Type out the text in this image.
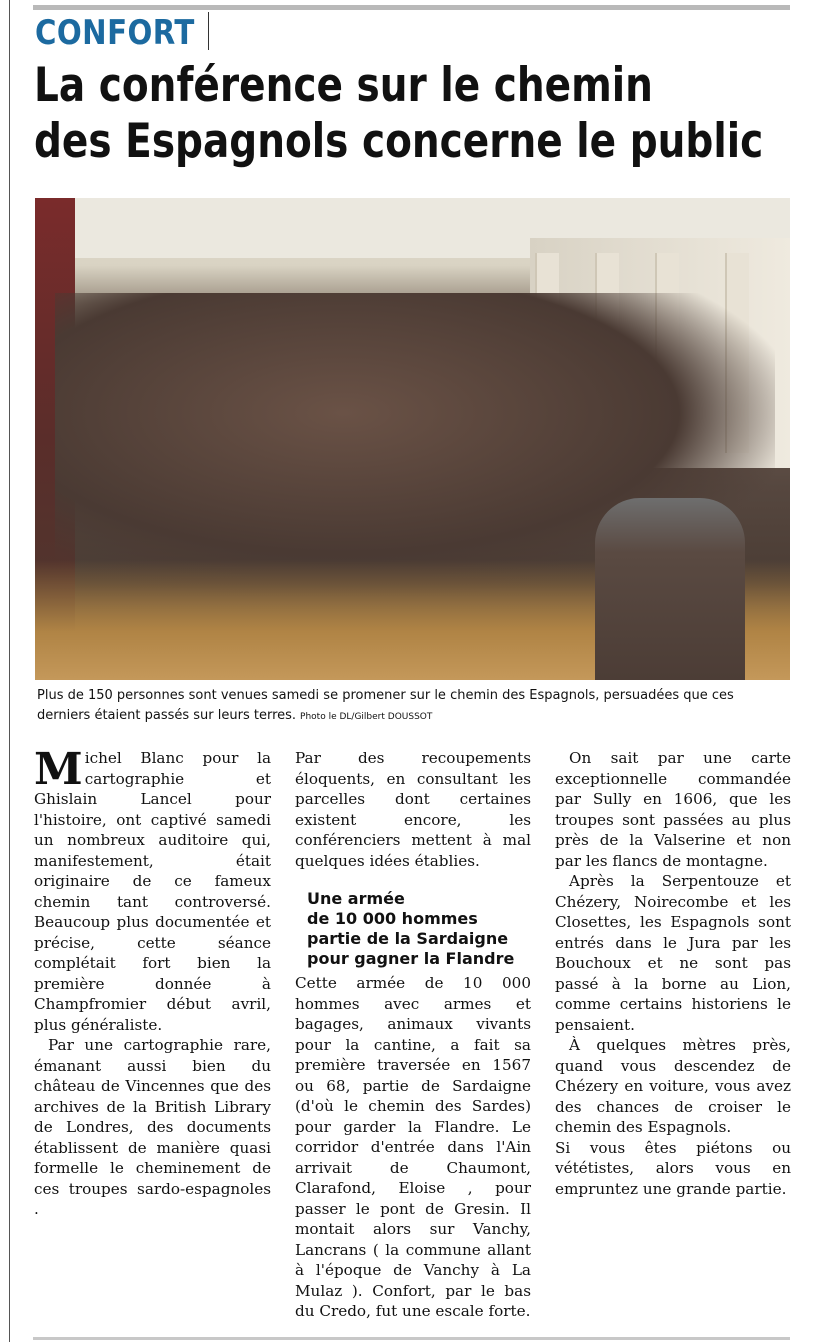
CONFORT
La conférence sur le chemin
des Espagnols concerne le public
Plus de 150 personnes sont venues samedi se promener sur le chemin des Espagnols, persuadées que ces
derniers étaient passés sur leurs terres. Photo le DL/Gilbert DOUSSOT

Michel Blanc pour la cartographie et Ghislain Lancel pour l'histoire, ont captivé samedi un nombreux auditoire qui, manifestement, était originaire de ce fameux chemin tant controversé. Beaucoup plus documentée et précise, cette séance complétait fort bien la première donnée à Champfromier début avril, plus généraliste.

Par une cartographie rare, émanant aussi bien du château de Vincennes que des archives de la British Library de Londres, des documents établissent de manière quasi formelle le cheminement de ces troupes sardo-espagnoles .

Par des recoupements éloquents, en consultant les parcelles dont certaines existent encore, les conférenciers mettent à mal quelques idées établies.

Une armée
de 10 000 hommes
partie de la Sardaigne
pour gagner la Flandre

Cette armée de 10 000 hommes avec armes et bagages, animaux vivants pour la cantine, a fait sa première traversée en 1567 ou 68, partie de Sardaigne (d'où le chemin des Sardes) pour garder la Flandre. Le corridor d'entrée dans l'Ain arrivait de Chaumont, Clarafond, Eloise , pour passer le pont de Gresin. Il montait alors sur Vanchy, Lancrans ( la commune allant à l'époque de Vanchy à La Mulaz ). Confort, par le bas du Credo, fut une escale forte.

On sait par une carte exceptionnelle commandée par Sully en 1606, que les troupes sont passées au plus près de la Valserine et non par les flancs de montagne.

Après la Serpentouze et Chézery, Noirecombe et les Closettes, les Espagnols sont entrés dans le Jura par les Bouchoux et ne sont pas passé à la borne au Lion, comme certains historiens le pensaient.

À quelques mètres près, quand vous descendez de Chézery en voiture, vous avez des chances de croiser le chemin des Espagnols.

Si vous êtes piétons ou vététistes, alors vous en empruntez une grande partie.
